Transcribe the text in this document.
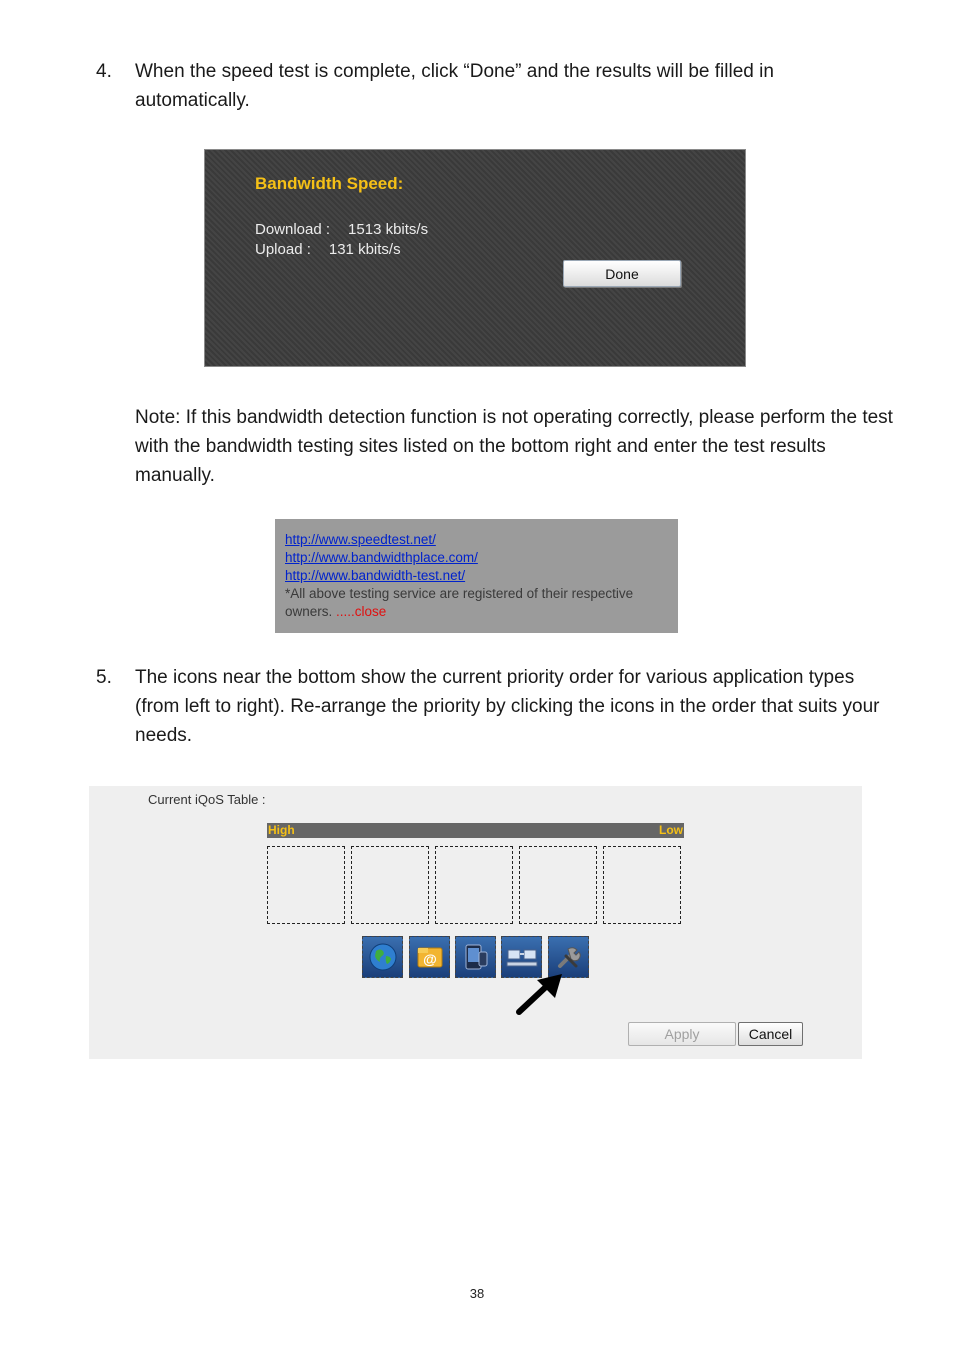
4. When the speed test is complete, click “Done” and the results will be filled in automatically.
Bandwidth Speed:
Download : 1513 kbits/s
Upload : 131 kbits/s
Done
Note: If this bandwidth detection function is not operating correctly, please perform the test with the bandwidth testing sites listed on the bottom right and enter the test results manually.
http://www.speedtest.net/
http://www.bandwidthplace.com/
http://www.bandwidth-test.net/
*All above testing service are registered of their respective owners. .....close
5. The icons near the bottom show the current priority order for various application types (from left to right). Re-arrange the priority by clicking the icons in the order that suits your needs.
Current iQoS Table :
High	Low
@
Apply	Cancel
38
